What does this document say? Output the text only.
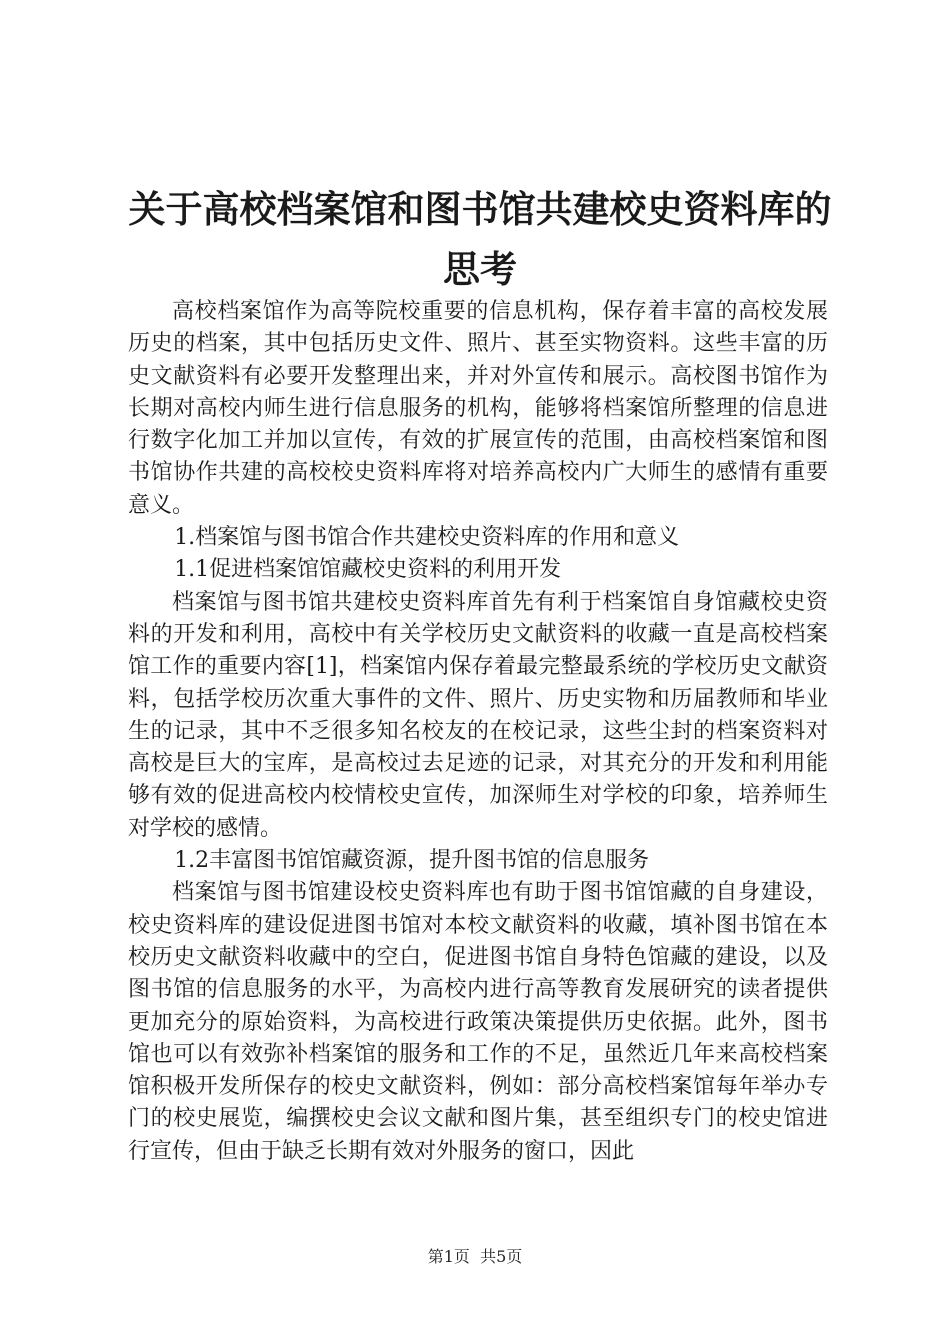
关于高校档案馆和图书馆共建校史资料库的思考

高校档案馆作为高等院校重要的信息机构，保存着丰富的高校发展历史的档案，其中包括历史文件、照片、甚至实物资料。这些丰富的历史文献资料有必要开发整理出来，并对外宣传和展示。高校图书馆作为长期对高校内师生进行信息服务的机构，能够将档案馆所整理的信息进行数字化加工并加以宣传，有效的扩展宣传的范围，由高校档案馆和图书馆协作共建的高校校史资料库将对培养高校内广大师生的感情有重要意义。

1.档案馆与图书馆合作共建校史资料库的作用和意义

1.1促进档案馆馆藏校史资料的利用开发

档案馆与图书馆共建校史资料库首先有利于档案馆自身馆藏校史资料的开发和利用，高校中有关学校历史文献资料的收藏一直是高校档案馆工作的重要内容[1]，档案馆内保存着最完整最系统的学校历史文献资料，包括学校历次重大事件的文件、照片、历史实物和历届教师和毕业生的记录，其中不乏很多知名校友的在校记录，这些尘封的档案资料对高校是巨大的宝库，是高校过去足迹的记录，对其充分的开发和利用能够有效的促进高校内校情校史宣传，加深师生对学校的印象，培养师生对学校的感情。

1.2丰富图书馆馆藏资源，提升图书馆的信息服务

档案馆与图书馆建设校史资料库也有助于图书馆馆藏的自身建设，校史资料库的建设促进图书馆对本校文献资料的收藏，填补图书馆在本校历史文献资料收藏中的空白，促进图书馆自身特色馆藏的建设，以及图书馆的信息服务的水平，为高校内进行高等教育发展研究的读者提供更加充分的原始资料，为高校进行政策决策提供历史依据。此外，图书馆也可以有效弥补档案馆的服务和工作的不足，虽然近几年来高校档案馆积极开发所保存的校史文献资料，例如：部分高校档案馆每年举办专门的校史展览，编撰校史会议文献和图片集，甚至组织专门的校史馆进行宣传，但由于缺乏长期有效对外服务的窗口，因此

第1页  共5页
